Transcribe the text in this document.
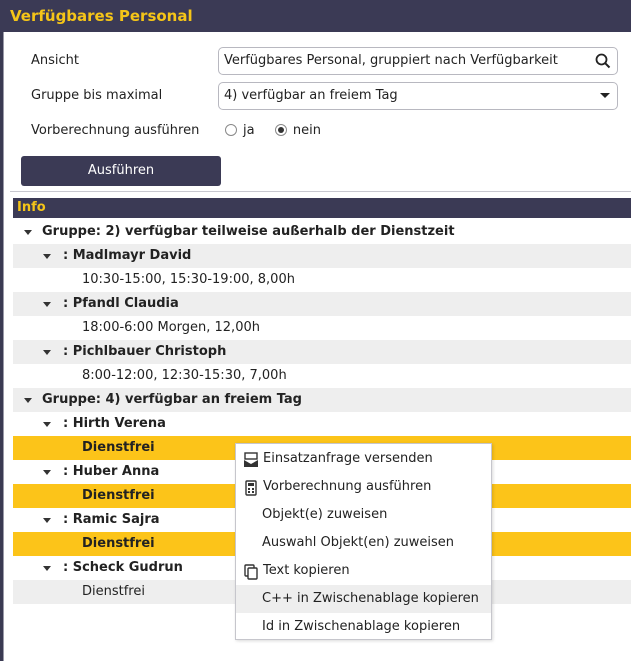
Verfügbares Personal
Ansicht	Verfügbares Personal, gruppiert nach Verfügbarkeit
Gruppe bis maximal	4) verfügbar an freiem Tag
Vorberechnung ausführen	ja	nein
Ausführen
Info
Gruppe: 2) verfügbar teilweise außerhalb der Dienstzeit
: Madlmayr David
10:30-15:00, 15:30-19:00, 8,00h
: Pfandl Claudia
18:00-6:00 Morgen, 12,00h
: Pichlbauer Christoph
8:00-12:00, 12:30-15:30, 7,00h
Gruppe: 4) verfügbar an freiem Tag
: Hirth Verena
Dienstfrei
: Huber Anna
Dienstfrei
: Ramic Sajra
Dienstfrei
: Scheck Gudrun
Dienstfrei
Einsatzanfrage versenden
Vorberechnung ausführen
Objekt(e) zuweisen
Auswahl Objekt(en) zuweisen
Text kopieren
C++ in Zwischenablage kopieren
Id in Zwischenablage kopieren
